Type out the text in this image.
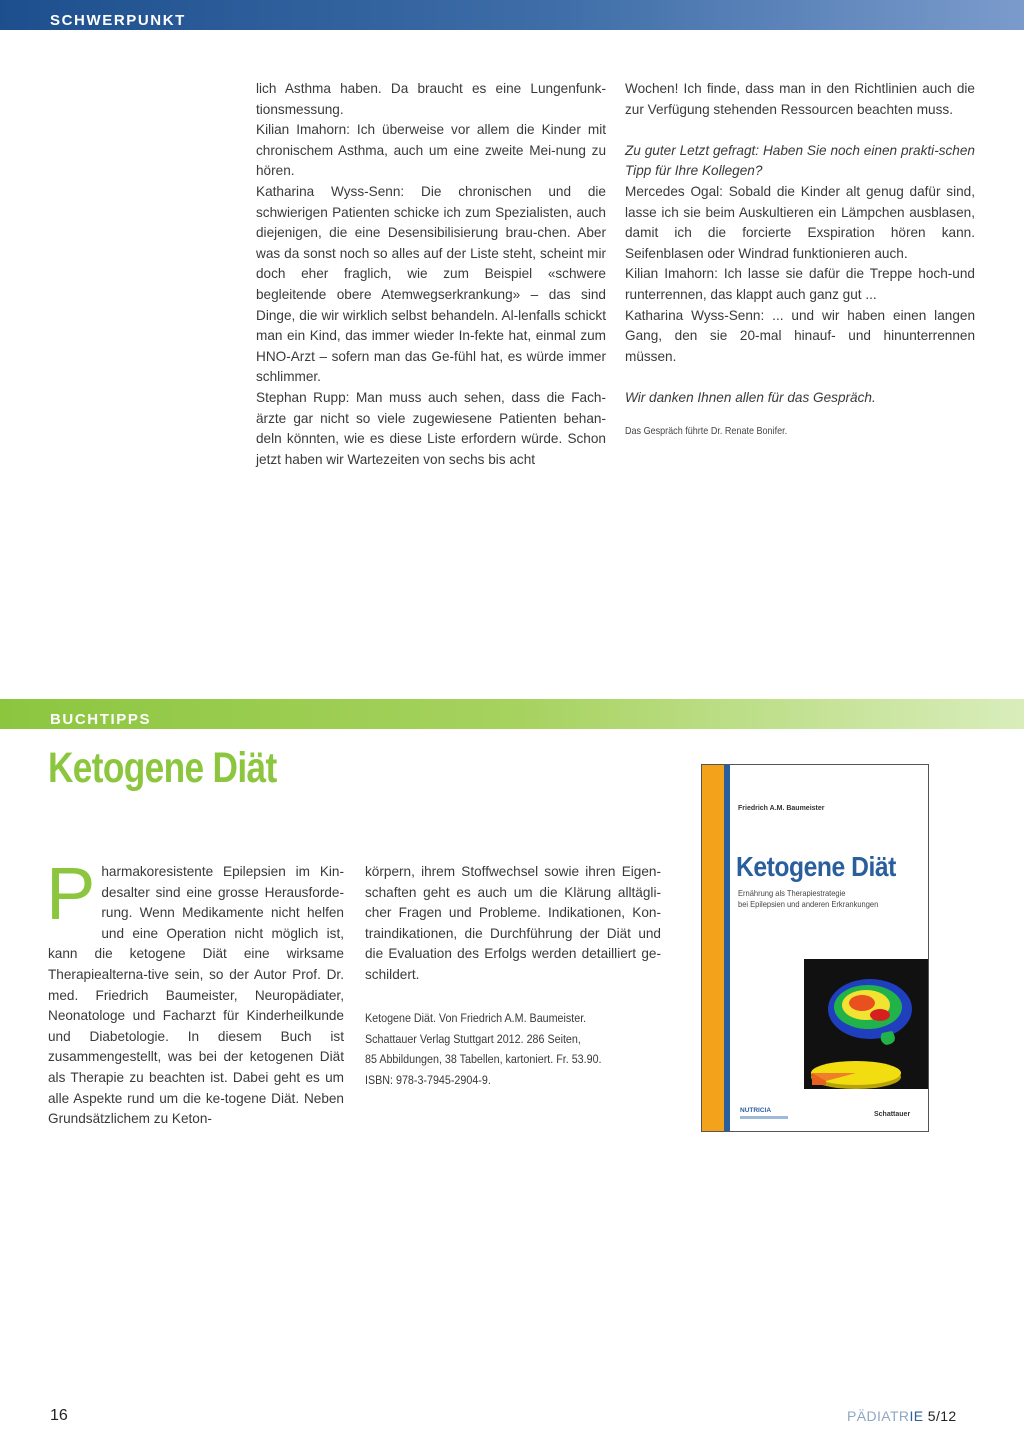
SCHWERPUNKT

lich Asthma haben. Da braucht es eine Lungenfunk-tionsmessung.

Kilian Imahorn: Ich überweise vor allem die Kinder mit chronischem Asthma, auch um eine zweite Mei-nung zu hören.

Katharina Wyss-Senn: Die chronischen und die schwierigen Patienten schicke ich zum Spezialisten, auch diejenigen, die eine Desensibilisierung brau-chen. Aber was da sonst noch so alles auf der Liste steht, scheint mir doch eher fraglich, wie zum Beispiel «schwere begleitende obere Atemwegserkrankung» – das sind Dinge, die wir wirklich selbst behandeln. Al-lenfalls schickt man ein Kind, das immer wieder In-fekte hat, einmal zum HNO-Arzt – sofern man das Ge-fühl hat, es würde immer schlimmer.

Stephan Rupp: Man muss auch sehen, dass die Fach-ärzte gar nicht so viele zugewiesene Patienten behan-deln könnten, wie es diese Liste erfordern würde. Schon jetzt haben wir Wartezeiten von sechs bis acht

Wochen! Ich finde, dass man in den Richtlinien auch die zur Verfügung stehenden Ressourcen beachten muss.

Zu guter Letzt gefragt: Haben Sie noch einen prakti-schen Tipp für Ihre Kollegen?

Mercedes Ogal: Sobald die Kinder alt genug dafür sind, lasse ich sie beim Auskultieren ein Lämpchen ausblasen, damit ich die forcierte Exspiration hören kann. Seifenblasen oder Windrad funktionieren auch.

Kilian Imahorn: Ich lasse sie dafür die Treppe hoch-und runterrennen, das klappt auch ganz gut ...

Katharina Wyss-Senn: ... und wir haben einen langen Gang, den sie 20-mal hinauf- und hinunterrennen müssen.

Wir danken Ihnen allen für das Gespräch.

Das Gespräch führte Dr. Renate Bonifer.
BUCHTIPPS
Ketogene Diät

Pharmakoresistente Epilepsien im Kin-desalter sind eine grosse Herausforde-rung. Wenn Medikamente nicht helfen und eine Operation nicht möglich ist, kann die ketogene Diät eine wirksame Therapiealterna-tive sein, so der Autor Prof. Dr. med. Friedrich Baumeister, Neuropädiater, Neonatologe und Facharzt für Kinderheilkunde und Diabetologie. In diesem Buch ist zusammengestellt, was bei der ketogenen Diät als Therapie zu beachten ist. Dabei geht es um alle Aspekte rund um die ke-togene Diät. Neben Grundsätzlichem zu Keton-

körpern, ihrem Stoffwechsel sowie ihren Eigen-schaften geht es auch um die Klärung alltägli-cher Fragen und Probleme. Indikationen, Kon-traindikationen, die Durchführung der Diät und die Evaluation des Erfolgs werden detailliert ge-schildert.

Ketogene Diät. Von Friedrich A.M. Baumeister.

Schattauer Verlag Stuttgart 2012. 286 Seiten,

85 Abbildungen, 38 Tabellen, kartoniert. Fr. 53.90.

ISBN: 978-3-7945-2904-9.

Friedrich A.M. Baumeister
Ketogene Diät
Ernährung als Therapiestrategie
bei Epilepsien und anderen Erkrankungen
NUTRICIA
Schattauer
16	PÄDIATRIE 5/12
